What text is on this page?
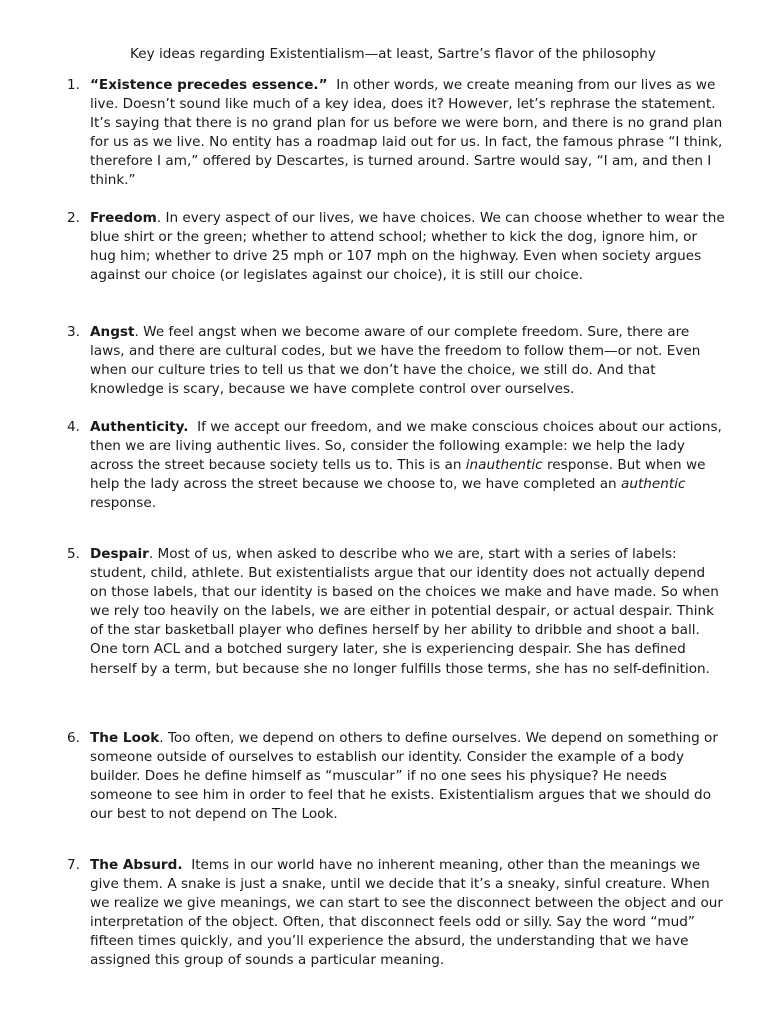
Key ideas regarding Existentialism—at least, Sartre’s flavor of the philosophy
1. “Existence precedes essence.” In other words, we create meaning from our lives as we live. Doesn’t sound like much of a key idea, does it? However, let’s rephrase the statement. It’s saying that there is no grand plan for us before we were born, and there is no grand plan for us as we live. No entity has a roadmap laid out for us. In fact, the famous phrase “I think, therefore I am,” offered by Descartes, is turned around. Sartre would say, “I am, and then I think.”
2. Freedom. In every aspect of our lives, we have choices. We can choose whether to wear the blue shirt or the green; whether to attend school; whether to kick the dog, ignore him, or hug him; whether to drive 25 mph or 107 mph on the highway. Even when society argues against our choice (or legislates against our choice), it is still our choice.
3. Angst. We feel angst when we become aware of our complete freedom. Sure, there are laws, and there are cultural codes, but we have the freedom to follow them—or not. Even when our culture tries to tell us that we don’t have the choice, we still do. And that knowledge is scary, because we have complete control over ourselves.
4. Authenticity. If we accept our freedom, and we make conscious choices about our actions, then we are living authentic lives. So, consider the following example: we help the lady across the street because society tells us to. This is an inauthentic response. But when we help the lady across the street because we choose to, we have completed an authentic response.
5. Despair. Most of us, when asked to describe who we are, start with a series of labels: student, child, athlete. But existentialists argue that our identity does not actually depend on those labels, that our identity is based on the choices we make and have made. So when we rely too heavily on the labels, we are either in potential despair, or actual despair. Think of the star basketball player who defines herself by her ability to dribble and shoot a ball. One torn ACL and a botched surgery later, she is experiencing despair. She has defined herself by a term, but because she no longer fulfills those terms, she has no self-definition.
6. The Look. Too often, we depend on others to define ourselves. We depend on something or someone outside of ourselves to establish our identity. Consider the example of a body builder. Does he define himself as “muscular” if no one sees his physique? He needs someone to see him in order to feel that he exists. Existentialism argues that we should do our best to not depend on The Look.
7. The Absurd. Items in our world have no inherent meaning, other than the meanings we give them. A snake is just a snake, until we decide that it’s a sneaky, sinful creature. When we realize we give meanings, we can start to see the disconnect between the object and our interpretation of the object. Often, that disconnect feels odd or silly. Say the word “mud” fifteen times quickly, and you’ll experience the absurd, the understanding that we have assigned this group of sounds a particular meaning.
